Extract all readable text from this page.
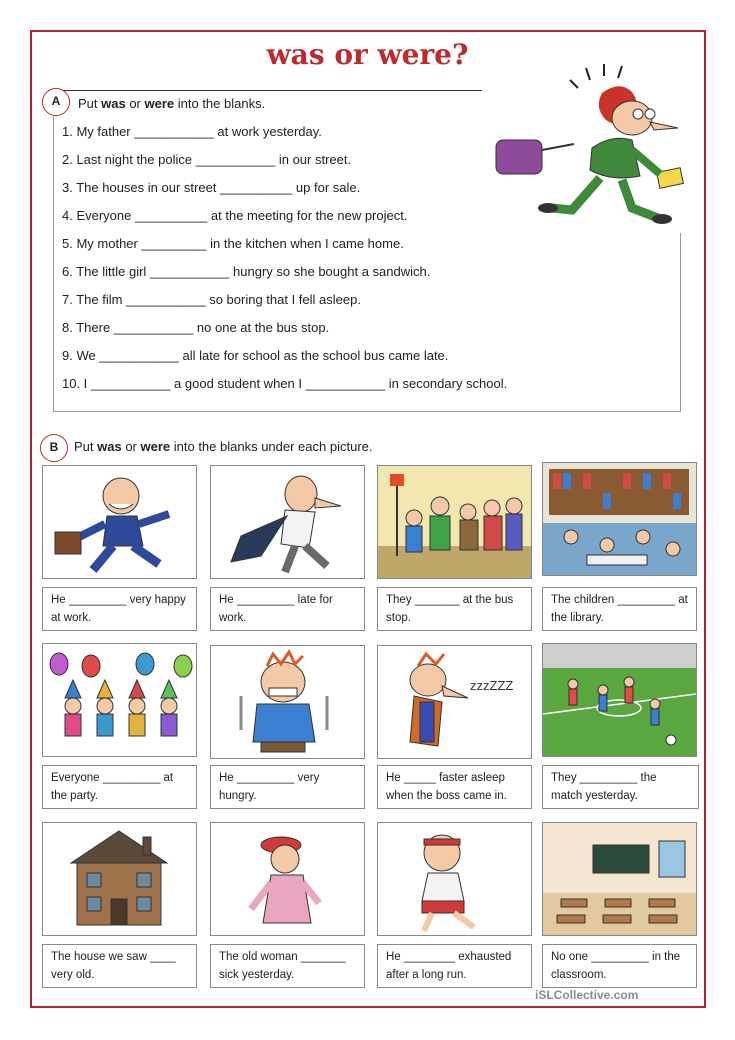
was or were?
A	Put was or were into the blanks.
1. My father ___________ at work yesterday.
2. Last night the police ___________ in our street.
3. The houses in our street __________ up for sale.
4. Everyone __________ at the meeting for the new project.
5. My mother _________ in the kitchen when I came home.
6. The little girl ___________ hungry so she bought a sandwich.
7. The film ___________ so boring that I fell asleep.
8. There ___________ no one at the bus stop.
9. We ___________ all late for school as the school bus came late.
10. I ___________ a good student when I ___________ in secondary school.
B	Put was or were into the blanks under each picture.
He _________ very happy at work.
He _________ late for work.
They _______ at the bus stop.
The children _________ at the library.
zzzZZZ
Everyone _________ at the party.
He _________ very hungry.
He _____ faster asleep when the boss came in.
They _________ the match yesterday.
The house we saw ____ very old.
The old woman _______ sick yesterday.
He ________ exhausted after a long run.
No one _________ in the classroom.
iSLCollective.com
